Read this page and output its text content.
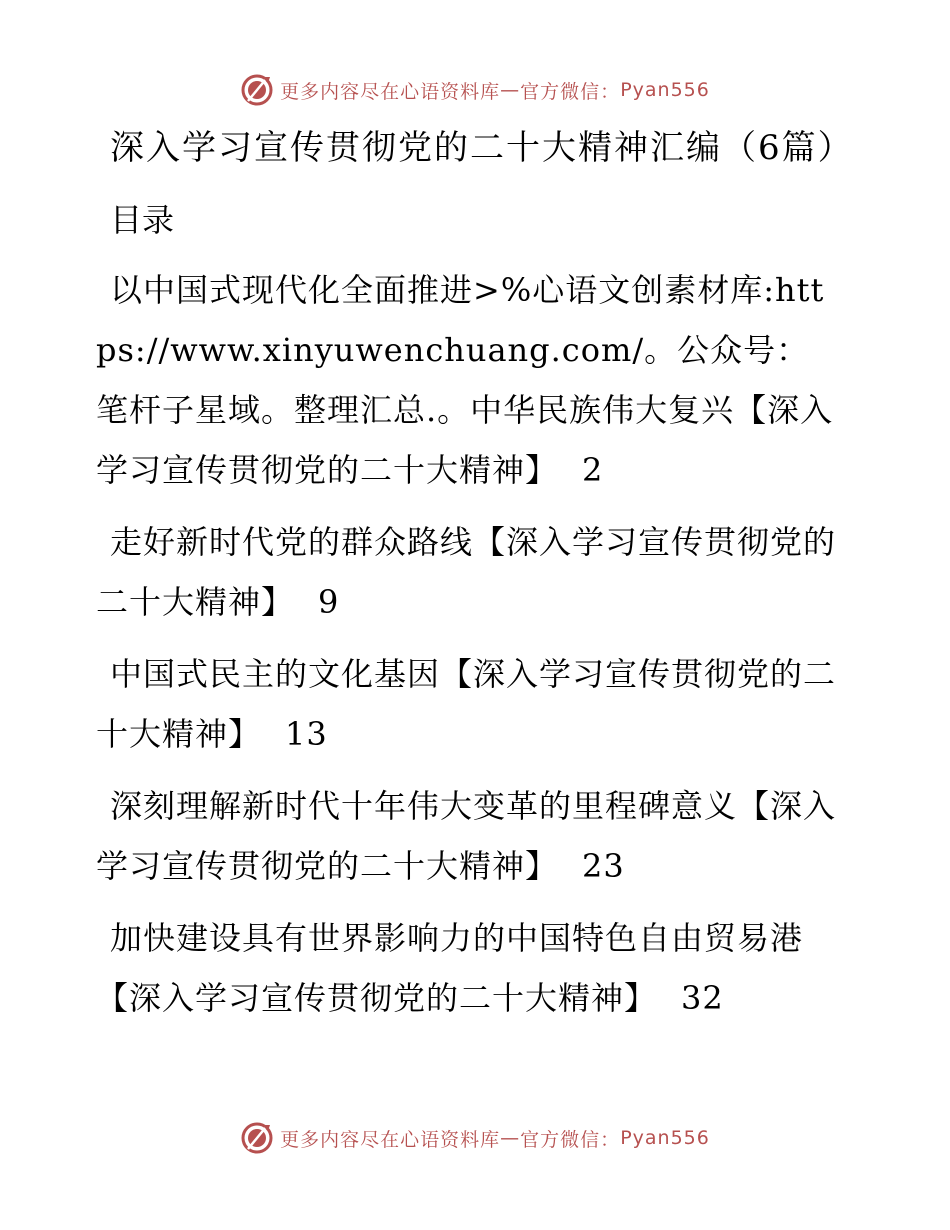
更多内容尽在心语资料库 — 官方微信： Pyan556
深入学习宣传贯彻党的二十大精神汇编（6篇）
目录
以中国式现代化全面推进>%心语文创素材库:https://www.xinyuwenchuang.com/。公众号：笔杆子星域。整理汇总.。中华民族伟大复兴【深入学习宣传贯彻党的二十大精神】 2
走好新时代党的群众路线【深入学习宣传贯彻党的二十大精神】 9
中国式民主的文化基因【深入学习宣传贯彻党的二十大精神】 13
深刻理解新时代十年伟大变革的里程碑意义【深入学习宣传贯彻党的二十大精神】 23
加快建设具有世界影响力的中国特色自由贸易港【深入学习宣传贯彻党的二十大精神】 32
更多内容尽在心语资料库 — 官方微信： Pyan556
